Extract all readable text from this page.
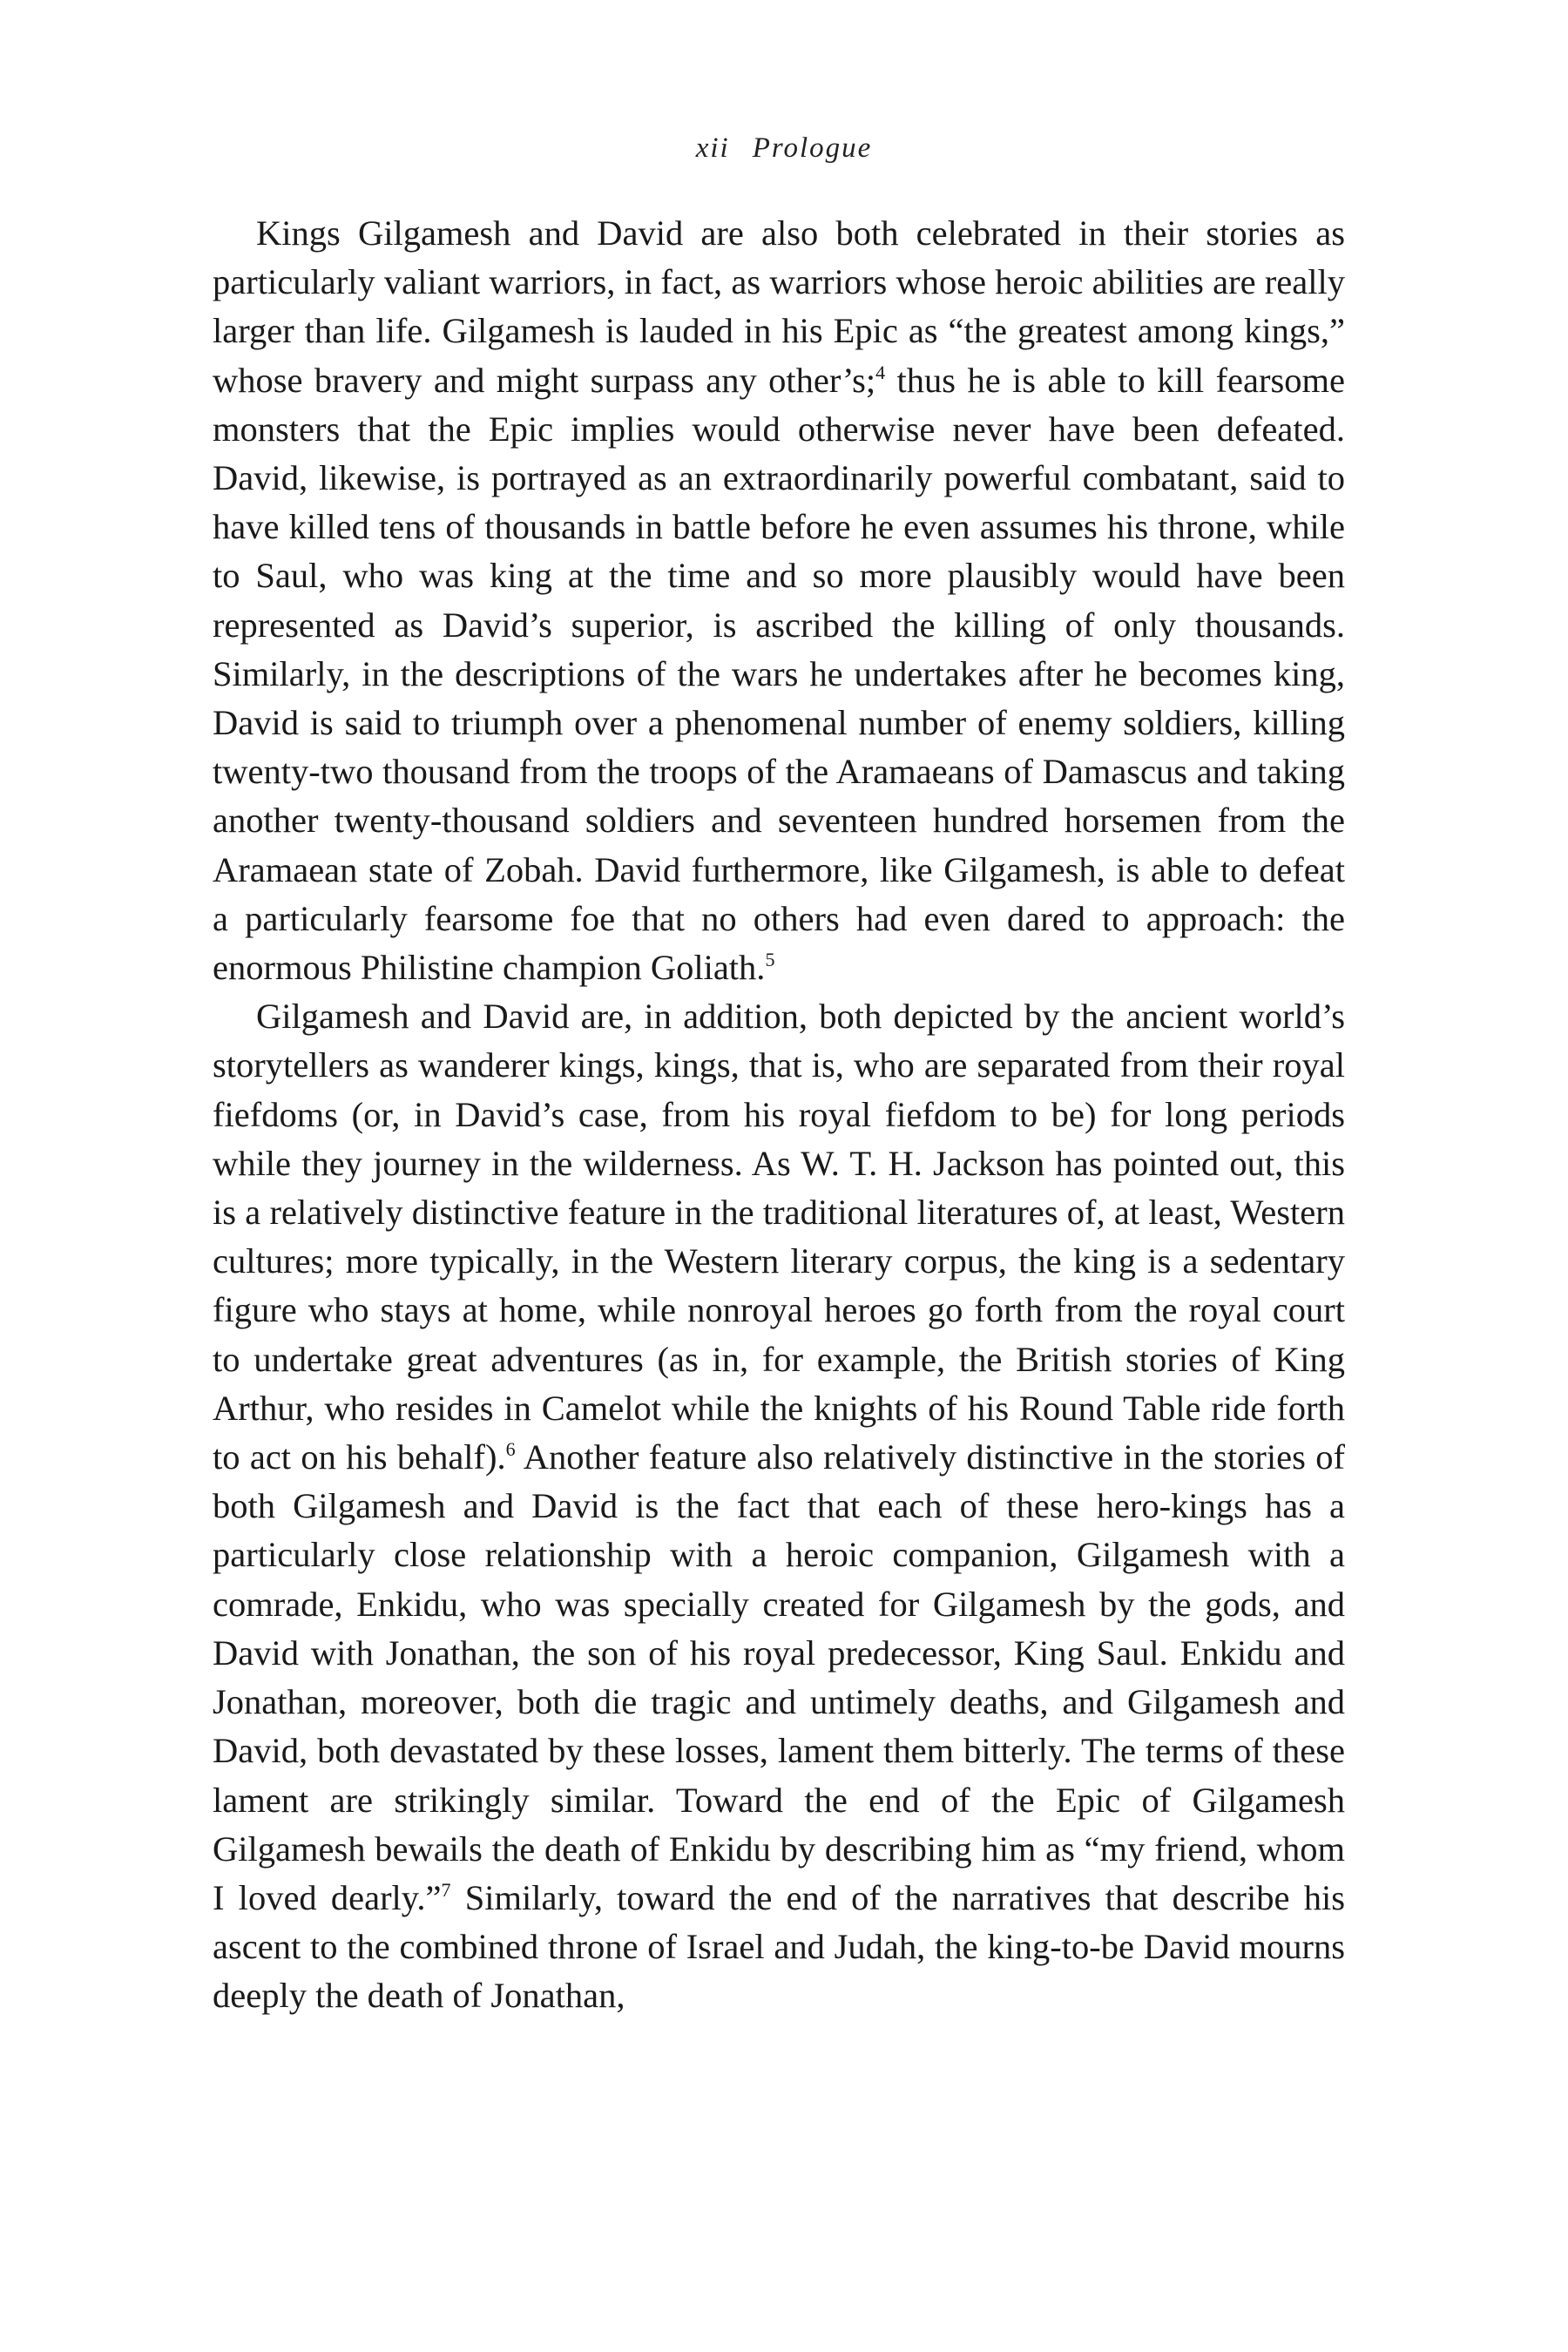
xii Prologue

Kings Gilgamesh and David are also both celebrated in their stories as particularly valiant warriors, in fact, as warriors whose heroic abilities are really larger than life. Gilgamesh is lauded in his Epic as “the greatest among kings,” whose bravery and might surpass any other’s;$^4$ thus he is able to kill fearsome monsters that the Epic implies would otherwise never have been defeated. David, likewise, is portrayed as an extraordinarily powerful combatant, said to have killed tens of thousands in battle before he even assumes his throne, while to Saul, who was king at the time and so more plausibly would have been represented as David’s superior, is ascribed the killing of only thousands. Similarly, in the descriptions of the wars he undertakes after he becomes king, David is said to triumph over a phenomenal number of enemy soldiers, killing twenty-two thousand from the troops of the Aramaeans of Damascus and taking another twenty-thousand soldiers and seventeen hundred horsemen from the Aramaean state of Zobah. David furthermore, like Gilgamesh, is able to defeat a particularly fearsome foe that no others had even dared to approach: the enormous Philistine champion Goliath.$^5$

Gilgamesh and David are, in addition, both depicted by the ancient world’s storytellers as wanderer kings, kings, that is, who are separated from their royal fiefdoms (or, in David’s case, from his royal fiefdom to be) for long periods while they journey in the wilderness. As W. T. H. Jackson has pointed out, this is a relatively distinctive feature in the traditional literatures of, at least, Western cultures; more typically, in the Western literary corpus, the king is a sedentary figure who stays at home, while nonroyal heroes go forth from the royal court to undertake great adventures (as in, for example, the British stories of King Arthur, who resides in Camelot while the knights of his Round Table ride forth to act on his behalf).$^6$ Another feature also relatively distinctive in the stories of both Gilgamesh and David is the fact that each of these hero-kings has a particularly close relationship with a heroic companion, Gilgamesh with a comrade, Enkidu, who was specially created for Gilgamesh by the gods, and David with Jonathan, the son of his royal predecessor, King Saul. Enkidu and Jonathan, moreover, both die tragic and untimely deaths, and Gilgamesh and David, both devastated by these losses, lament them bitterly. The terms of these lament are strikingly similar. Toward the end of the Epic of Gilgamesh Gilgamesh bewails the death of Enkidu by describing him as “my friend, whom I loved dearly.”$^7$ Similarly, toward the end of the narratives that describe his ascent to the combined throne of Israel and Judah, the king-to-be David mourns deeply the death of Jonathan,
